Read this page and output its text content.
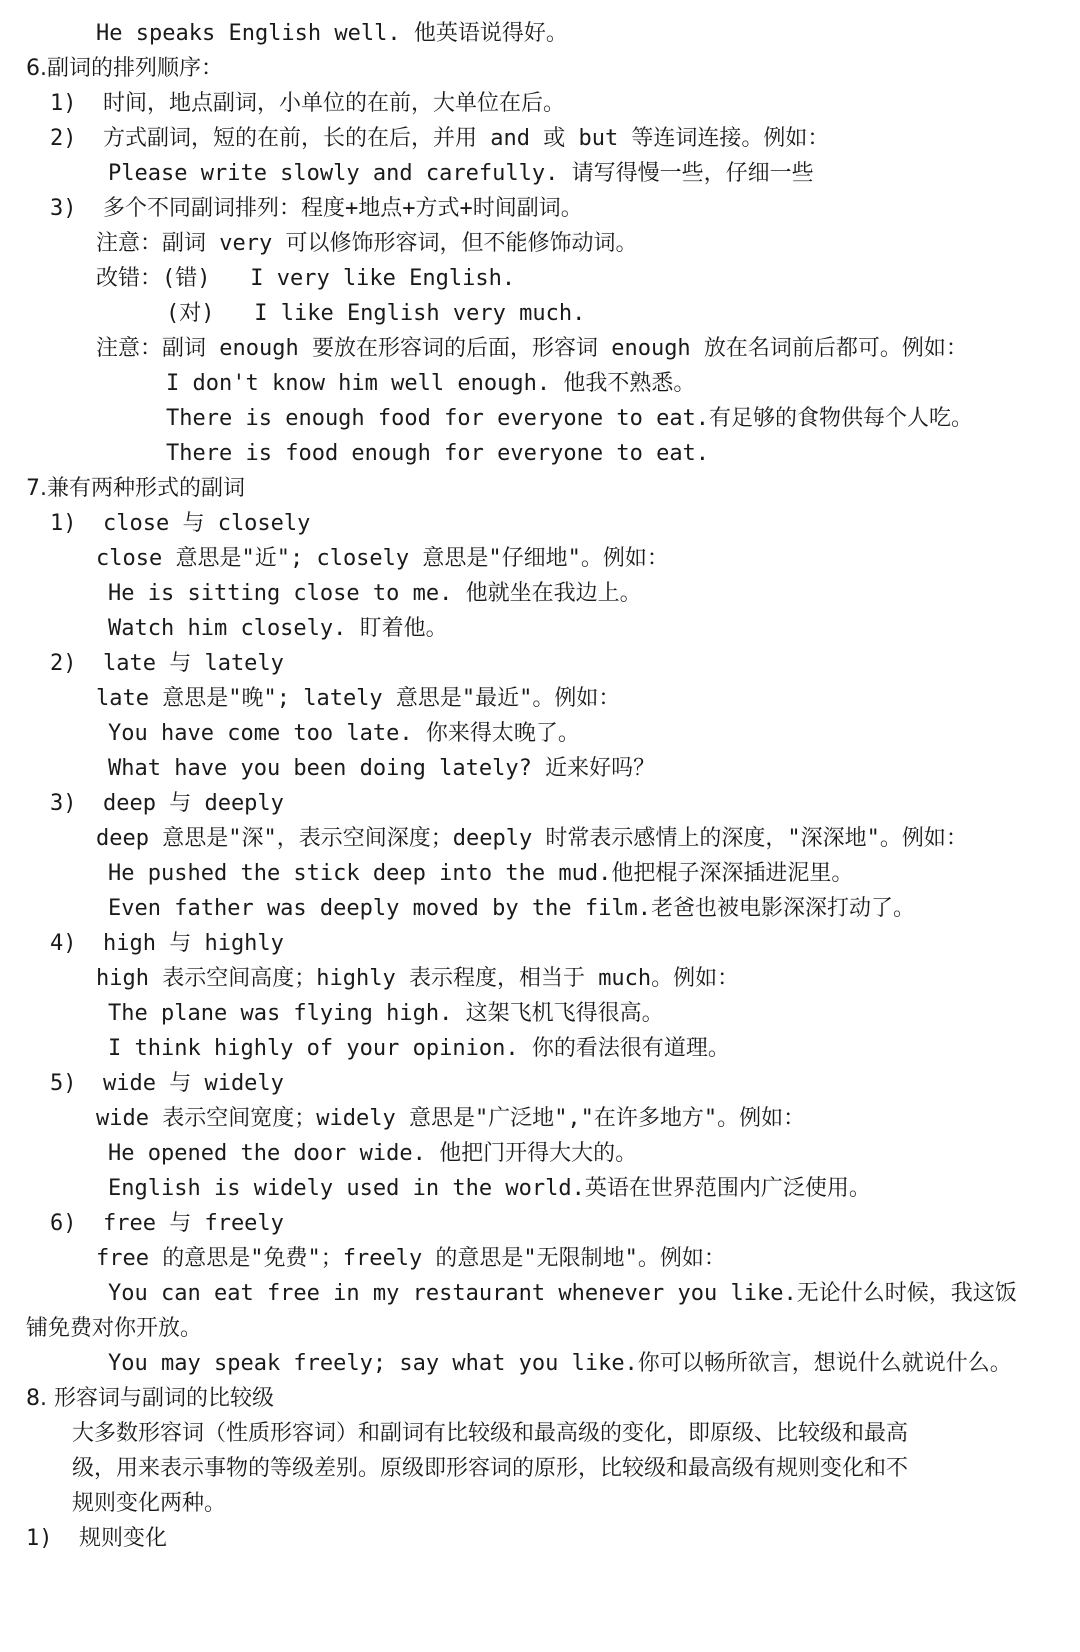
He speaks English well. 他英语说得好。
6.副词的排列顺序：
1)  时间，地点副词，小单位的在前，大单位在后。
2)  方式副词，短的在前，长的在后，并用 and 或 but 等连词连接。例如：
Please write slowly and carefully. 请写得慢一些，仔细一些
3)  多个不同副词排列：程度+地点+方式+时间副词。
注意：副词 very 可以修饰形容词，但不能修饰动词。
改错：(错)   I very like English.
(对)   I like English very much.
注意：副词 enough 要放在形容词的后面，形容词 enough 放在名词前后都可。例如：
I don't know him well enough. 他我不熟悉。
There is enough food for everyone to eat.有足够的食物供每个人吃。
There is food enough for everyone to eat.
7.兼有两种形式的副词
1)  close 与 closely
close 意思是"近"; closely 意思是"仔细地"。例如：
He is sitting close to me. 他就坐在我边上。
Watch him closely. 盯着他。
2)  late 与 lately
late 意思是"晚"; lately 意思是"最近"。例如：
You have come too late. 你来得太晚了。
What have you been doing lately? 近来好吗？
3)  deep 与 deeply
deep 意思是"深"，表示空间深度；deeply 时常表示感情上的深度，"深深地"。例如：
He pushed the stick deep into the mud.他把棍子深深插进泥里。
Even father was deeply moved by the film.老爸也被电影深深打动了。
4)  high 与 highly
high 表示空间高度；highly 表示程度，相当于 much。例如：
The plane was flying high. 这架飞机飞得很高。
I think highly of your opinion. 你的看法很有道理。
5)  wide 与 widely
wide 表示空间宽度；widely 意思是"广泛地","在许多地方"。例如：
He opened the door wide. 他把门开得大大的。
English is widely used in the world.英语在世界范围内广泛使用。
6)  free 与 freely
free 的意思是"免费"；freely 的意思是"无限制地"。例如：
You can eat free in my restaurant whenever you like.无论什么时候，我这饭
铺免费对你开放。
You may speak freely; say what you like.你可以畅所欲言，想说什么就说什么。
8. 形容词与副词的比较级
大多数形容词（性质形容词）和副词有比较级和最高级的变化，即原级、比较级和最高
级，用来表示事物的等级差别。原级即形容词的原形，比较级和最高级有规则变化和不
规则变化两种。
1)  规则变化
